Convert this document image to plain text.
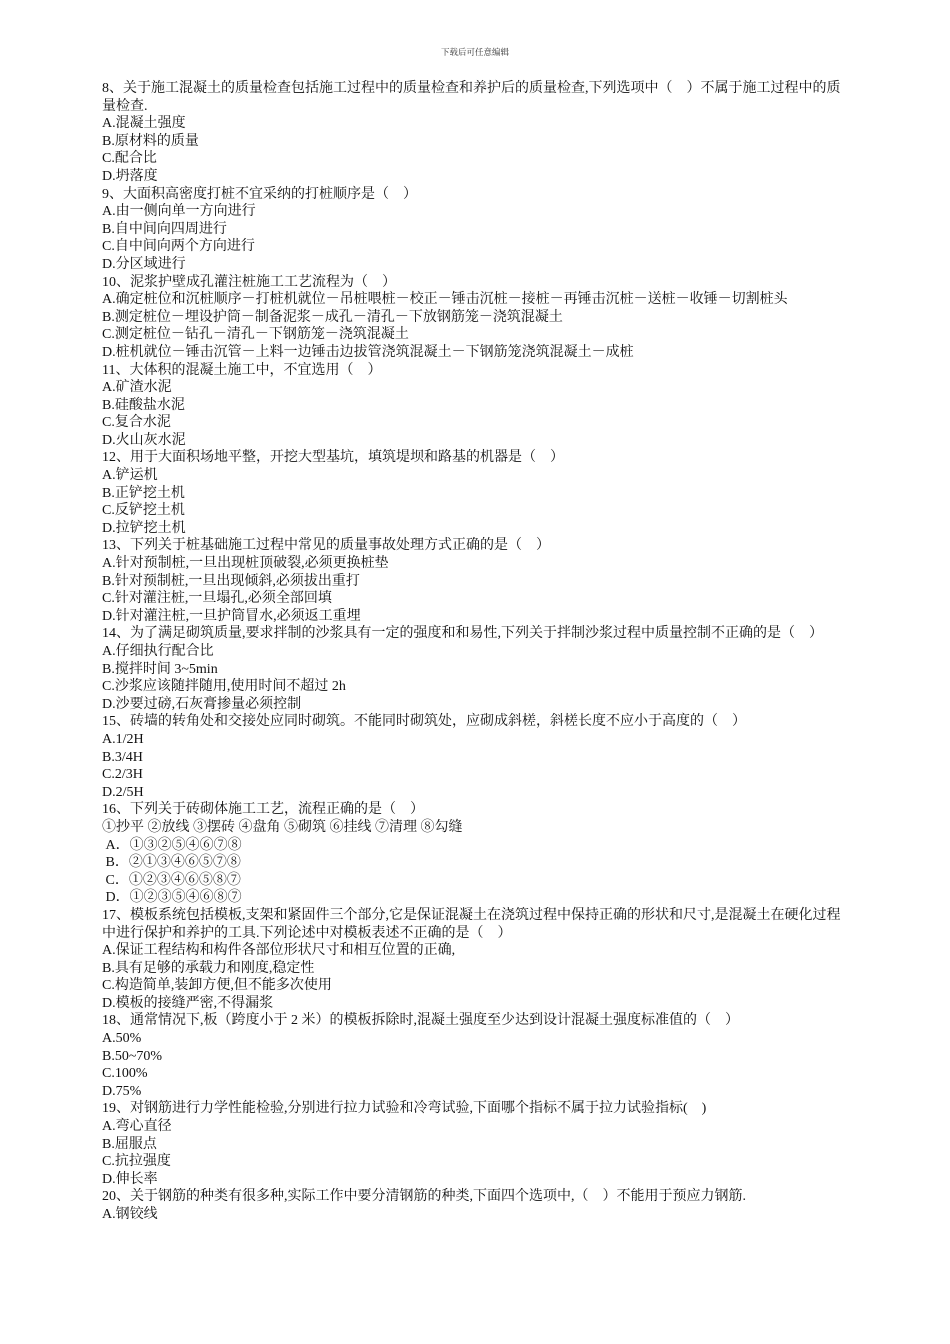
下载后可任意编辑
8、关于施工混凝土的质量检查包括施工过程中的质量检查和养护后的质量检查,下列选项中（　）不属于施工过程中的质量检查.
A.混凝土强度
B.原材料的质量
C.配合比
D.坍落度
9、大面积高密度打桩不宜采纳的打桩顺序是（　）
A.由一侧向单一方向进行
B.自中间向四周进行
C.自中间向两个方向进行
D.分区域进行
10、泥浆护壁成孔灌注桩施工工艺流程为（　）
A.确定桩位和沉桩顺序－打桩机就位－吊桩喂桩－校正－锤击沉桩－接桩－再锤击沉桩－送桩－收锤－切割桩头
B.测定桩位－埋设护筒－制备泥浆－成孔－清孔－下放钢筋笼－浇筑混凝土
C.测定桩位－钻孔－清孔－下钢筋笼－浇筑混凝土
D.桩机就位－锤击沉管－上料一边锤击边拔管浇筑混凝土－下钢筋笼浇筑混凝土－成桩
11、大体积的混凝土施工中，不宜选用（　）
A.矿渣水泥
B.硅酸盐水泥
C.复合水泥
D.火山灰水泥
12、用于大面积场地平整，开挖大型基坑，填筑堤坝和路基的机器是（　）
A.铲运机
B.正铲挖土机
C.反铲挖土机
D.拉铲挖土机
13、下列关于桩基础施工过程中常见的质量事故处理方式正确的是（　）
A.针对预制桩,一旦出现桩顶破裂,必须更换桩垫
B.针对预制桩,一旦出现倾斜,必须拔出重打
C.针对灌注桩,一旦塌孔,必须全部回填
D.针对灌注桩,一旦护筒冒水,必须返工重埋
14、为了满足砌筑质量,要求拌制的沙浆具有一定的强度和和易性,下列关于拌制沙浆过程中质量控制不正确的是（　）
A.仔细执行配合比
B.搅拌时间 3~5min
C.沙浆应该随拌随用,使用时间不超过 2h
D.沙要过磅,石灰膏掺量必须控制
15、砖墙的转角处和交接处应同时砌筑。不能同时砌筑处，应砌成斜槎，斜槎长度不应小于高度的（　）
A.1/2H
B.3/4H
C.2/3H
D.2/5H
16、下列关于砖砌体施工工艺，流程正确的是（　）
①抄平 ②放线 ③摆砖 ④盘角 ⑤砌筑 ⑥挂线 ⑦清理 ⑧勾缝
A．①③②⑤④⑥⑦⑧
B．②①③④⑥⑤⑦⑧
C．①②③④⑥⑤⑧⑦
D．①②③⑤④⑥⑧⑦
17、模板系统包括模板,支架和紧固件三个部分,它是保证混凝土在浇筑过程中保持正确的形状和尺寸,是混凝土在硬化过程中进行保护和养护的工具.下列论述中对模板表述不正确的是（　）
A.保证工程结构和构件各部位形状尺寸和相互位置的正确,
B.具有足够的承载力和刚度,稳定性
C.构造简单,装卸方便,但不能多次使用
D.模板的接缝严密,不得漏浆
18、通常情况下,板（跨度小于 2 米）的模板拆除时,混凝土强度至少达到设计混凝土强度标准值的（　）
A.50%
B.50~70%
C.100%
D.75%
19、对钢筋进行力学性能检验,分别进行拉力试验和冷弯试验,下面哪个指标不属于拉力试验指标(　)
A.弯心直径
B.屈服点
C.抗拉强度
D.伸长率
20、关于钢筋的种类有很多种,实际工作中要分清钢筋的种类,下面四个选项中,（　）不能用于预应力钢筋.
A.钢铰线
